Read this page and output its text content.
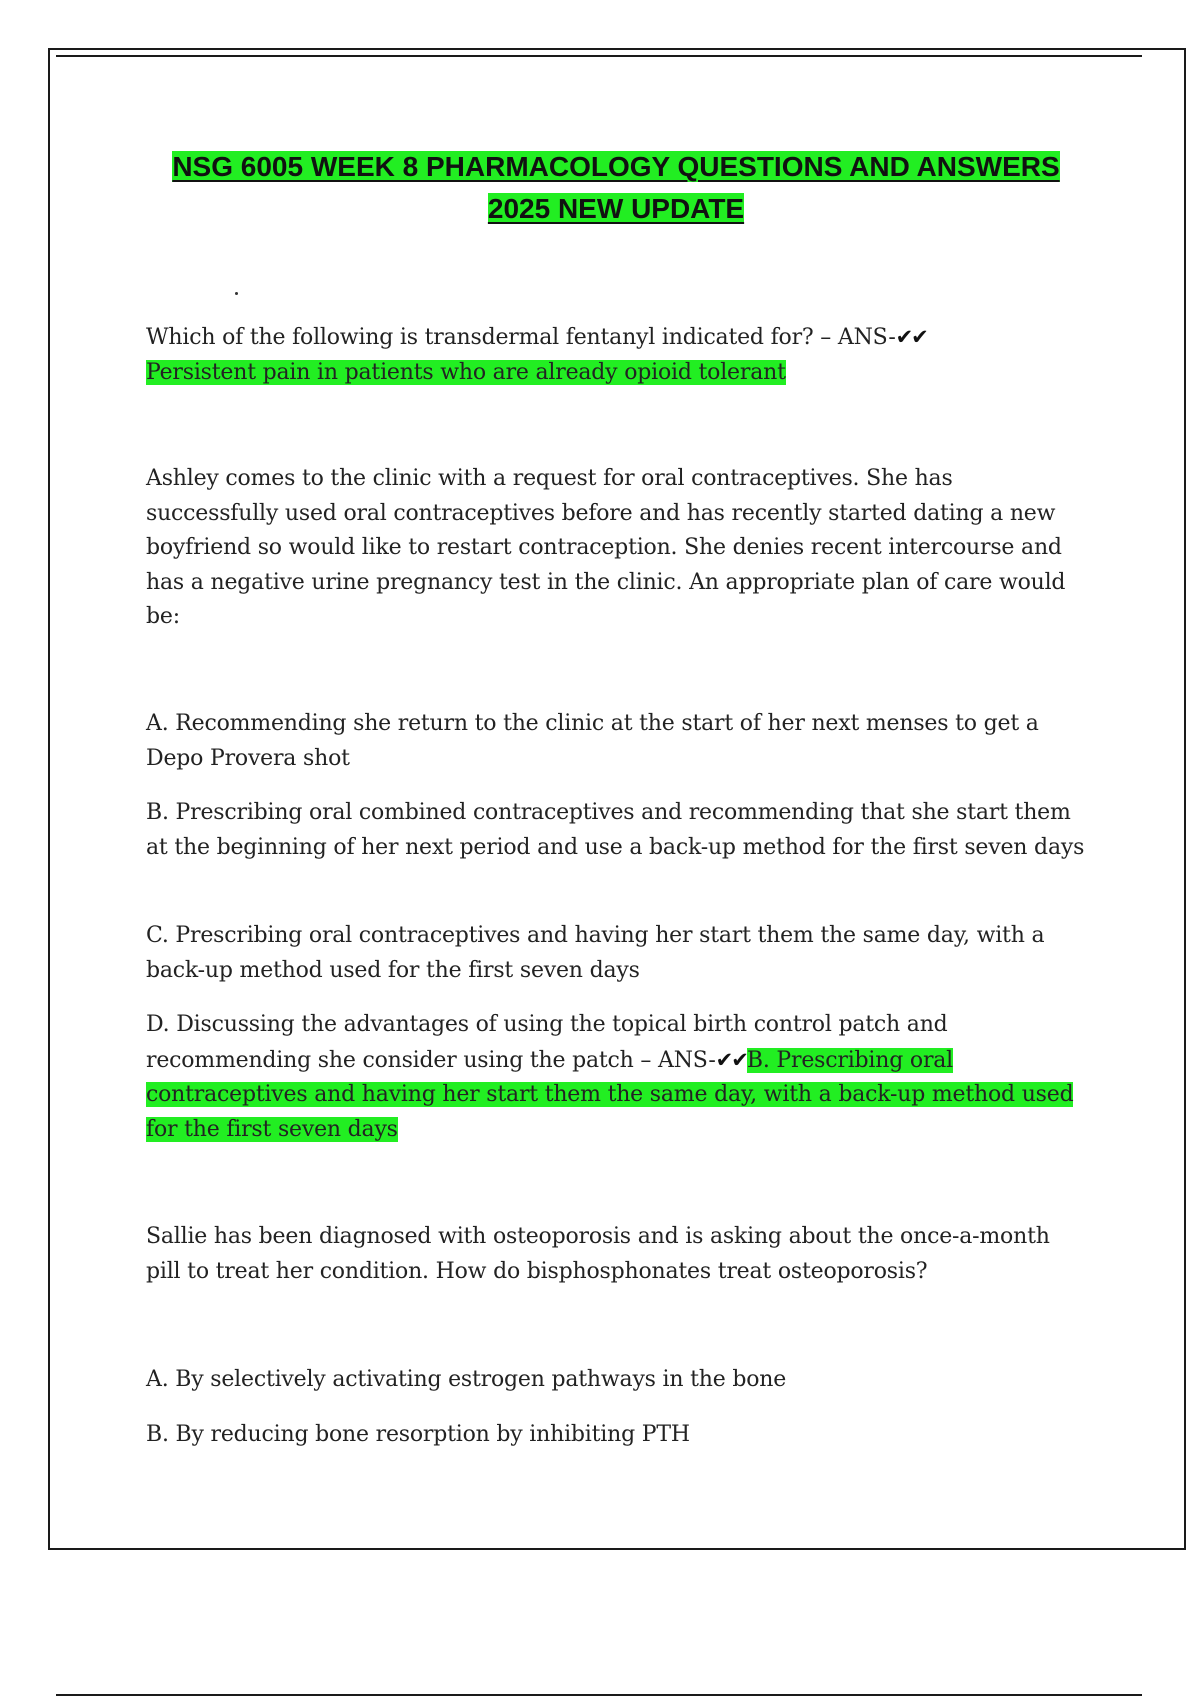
NSG 6005 WEEK 8 PHARMACOLOGY QUESTIONS AND ANSWERS
2025 NEW UPDATE
Which of the following is transdermal fentanyl indicated for? – ANS-✔✔
Persistent pain in patients who are already opioid tolerant
Ashley comes to the clinic with a request for oral contraceptives. She has successfully used oral contraceptives before and has recently started dating a new boyfriend so would like to restart contraception. She denies recent intercourse and has a negative urine pregnancy test in the clinic. An appropriate plan of care would be:
A. Recommending she return to the clinic at the start of her next menses to get a Depo Provera shot
B. Prescribing oral combined contraceptives and recommending that she start them at the beginning of her next period and use a back-up method for the first seven days
C. Prescribing oral contraceptives and having her start them the same day, with a back-up method used for the first seven days
D. Discussing the advantages of using the topical birth control patch and recommending she consider using the patch – ANS-✔✔B. Prescribing oral contraceptives and having her start them the same day, with a back-up method used for the first seven days
Sallie has been diagnosed with osteoporosis and is asking about the once-a-month pill to treat her condition. How do bisphosphonates treat osteoporosis?
A. By selectively activating estrogen pathways in the bone
B. By reducing bone resorption by inhibiting PTH
